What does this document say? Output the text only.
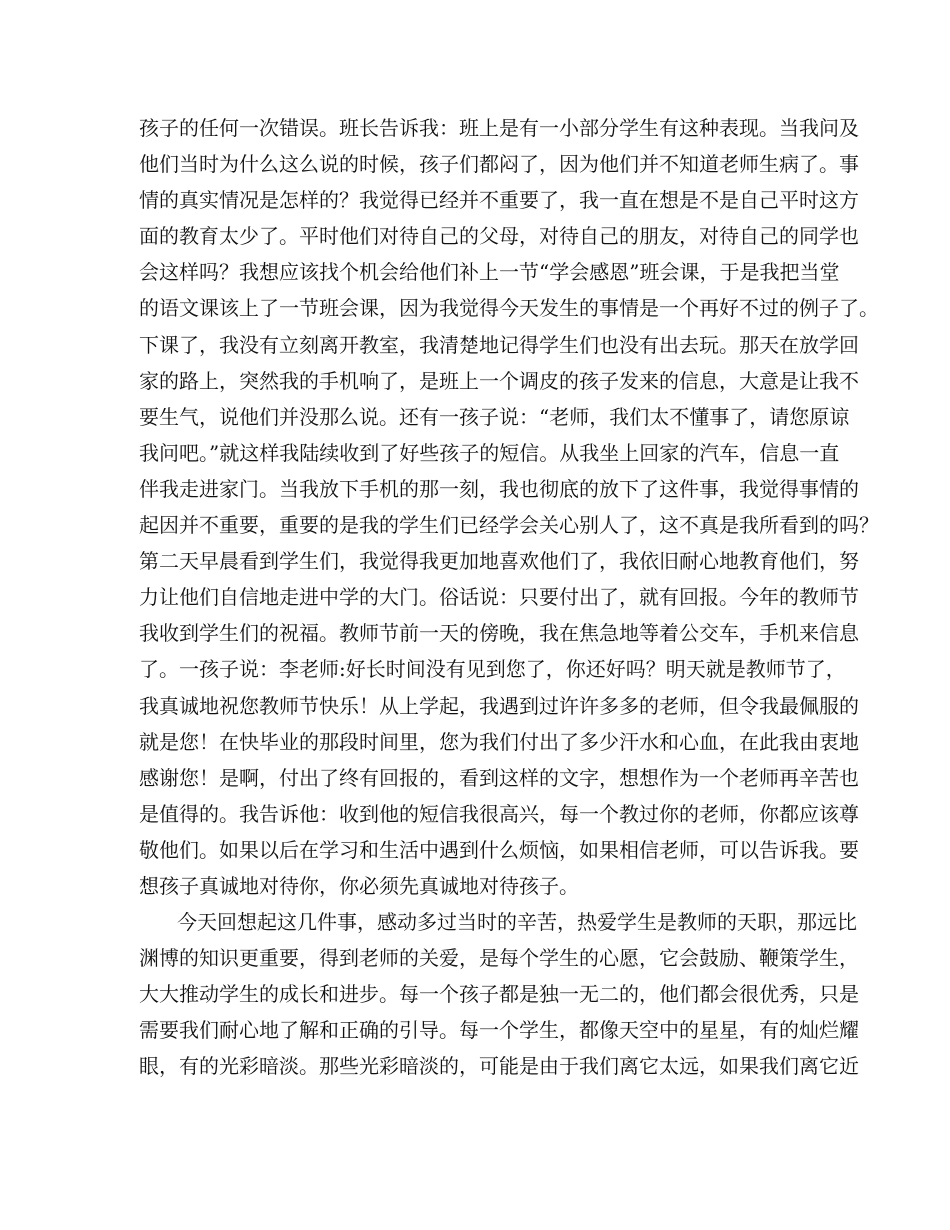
孩子的任何一次错误。班长告诉我：班上是有一小部分学生有这种表现。当我问及
他们当时为什么这么说的时候，孩子们都闷了，因为他们并不知道老师生病了。事
情的真实情况是怎样的？我觉得已经并不重要了，我一直在想是不是自己平时这方
面的教育太少了。平时他们对待自己的父母，对待自己的朋友，对待自己的同学也
会这样吗？我想应该找个机会给他们补上一节“学会感恩”班会课，于是我把当堂
的语文课该上了一节班会课，因为我觉得今天发生的事情是一个再好不过的例子了。
下课了，我没有立刻离开教室，我清楚地记得学生们也没有出去玩。那天在放学回
家的路上，突然我的手机响了，是班上一个调皮的孩子发来的信息，大意是让我不
要生气，说他们并没那么说。还有一孩子说：“老师，我们太不懂事了，请您原谅
我问吧。”就这样我陆续收到了好些孩子的短信。从我坐上回家的汽车，信息一直
伴我走进家门。当我放下手机的那一刻，我也彻底的放下了这件事，我觉得事情的
起因并不重要，重要的是我的学生们已经学会关心别人了，这不真是我所看到的吗？
第二天早晨看到学生们，我觉得我更加地喜欢他们了，我依旧耐心地教育他们，努
力让他们自信地走进中学的大门。俗话说：只要付出了，就有回报。今年的教师节
我收到学生们的祝福。教师节前一天的傍晚，我在焦急地等着公交车，手机来信息
了。一孩子说：李老师:好长时间没有见到您了，你还好吗？明天就是教师节了，
我真诚地祝您教师节快乐！从上学起，我遇到过许许多多的老师，但令我最佩服的
就是您！在快毕业的那段时间里，您为我们付出了多少汗水和心血，在此我由衷地
感谢您！是啊，付出了终有回报的，看到这样的文字，想想作为一个老师再辛苦也
是值得的。我告诉他：收到他的短信我很高兴，每一个教过你的老师，你都应该尊
敬他们。如果以后在学习和生活中遇到什么烦恼，如果相信老师，可以告诉我。要
想孩子真诚地对待你，你必须先真诚地对待孩子。
今天回想起这几件事，感动多过当时的辛苦，热爱学生是教师的天职，那远比
渊博的知识更重要，得到老师的关爱，是每个学生的心愿，它会鼓励、鞭策学生，
大大推动学生的成长和进步。每一个孩子都是独一无二的，他们都会很优秀，只是
需要我们耐心地了解和正确的引导。每一个学生，都像天空中的星星，有的灿烂耀
眼，有的光彩暗淡。那些光彩暗淡的，可能是由于我们离它太远，如果我们离它近
